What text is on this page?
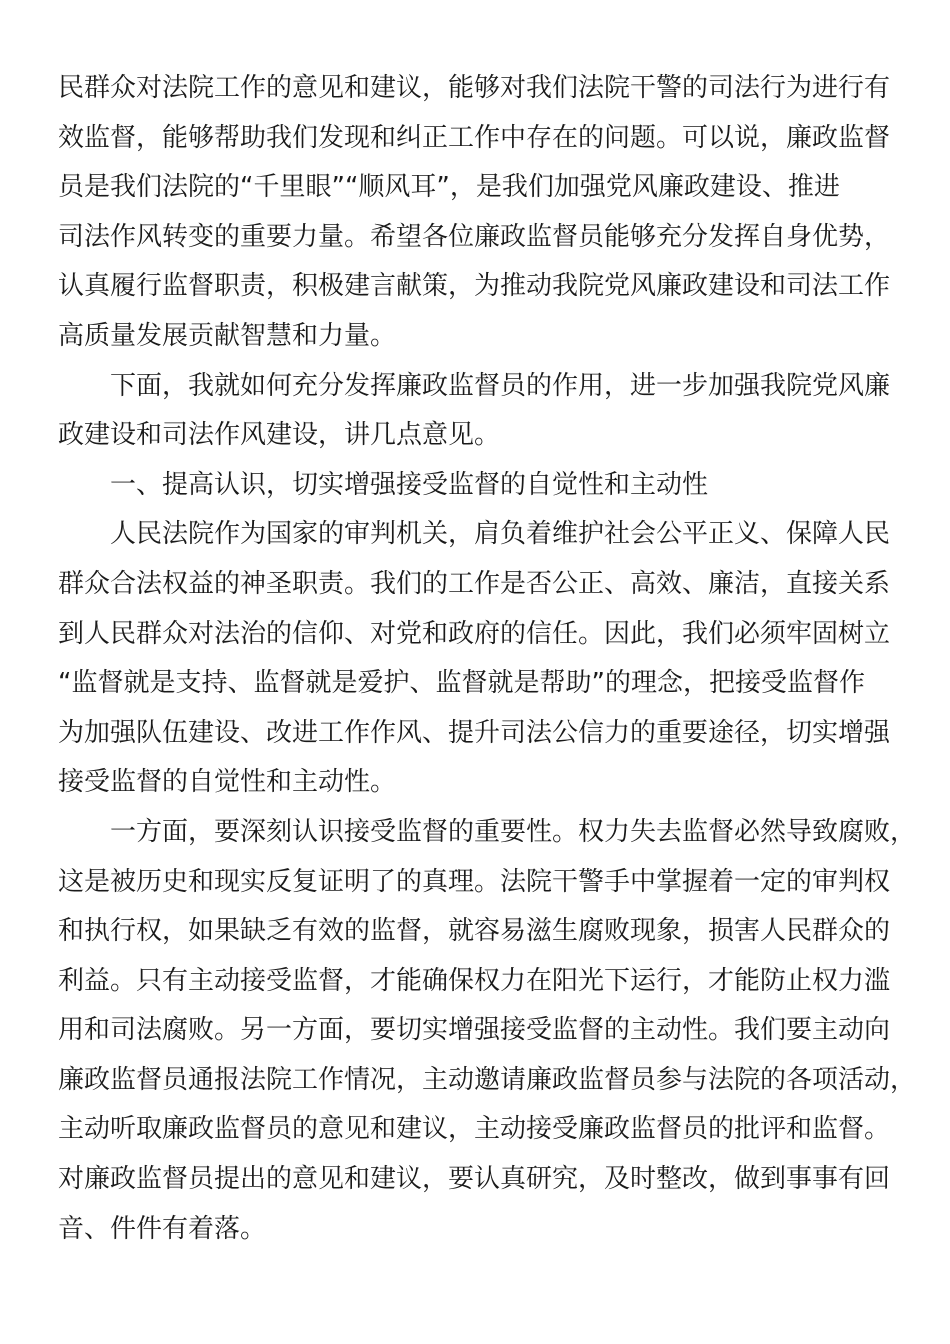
民群众对法院工作的意见和建议，能够对我们法院干警的司法行为进行有
效监督，能够帮助我们发现和纠正工作中存在的问题。可以说，廉政监督
员是我们法院的“千里眼”“顺风耳”，是我们加强党风廉政建设、推进
司法作风转变的重要力量。希望各位廉政监督员能够充分发挥自身优势，
认真履行监督职责，积极建言献策，为推动我院党风廉政建设和司法工作
高质量发展贡献智慧和力量。
下面，我就如何充分发挥廉政监督员的作用，进一步加强我院党风廉
政建设和司法作风建设，讲几点意见。
一、提高认识，切实增强接受监督的自觉性和主动性
人民法院作为国家的审判机关，肩负着维护社会公平正义、保障人民
群众合法权益的神圣职责。我们的工作是否公正、高效、廉洁，直接关系
到人民群众对法治的信仰、对党和政府的信任。因此，我们必须牢固树立
“监督就是支持、监督就是爱护、监督就是帮助”的理念，把接受监督作
为加强队伍建设、改进工作作风、提升司法公信力的重要途径，切实增强
接受监督的自觉性和主动性。
一方面，要深刻认识接受监督的重要性。权力失去监督必然导致腐败，
这是被历史和现实反复证明了的真理。法院干警手中掌握着一定的审判权
和执行权，如果缺乏有效的监督，就容易滋生腐败现象，损害人民群众的
利益。只有主动接受监督，才能确保权力在阳光下运行，才能防止权力滥
用和司法腐败。另一方面，要切实增强接受监督的主动性。我们要主动向
廉政监督员通报法院工作情况，主动邀请廉政监督员参与法院的各项活动，
主动听取廉政监督员的意见和建议，主动接受廉政监督员的批评和监督。
对廉政监督员提出的意见和建议，要认真研究，及时整改，做到事事有回
音、件件有着落。
